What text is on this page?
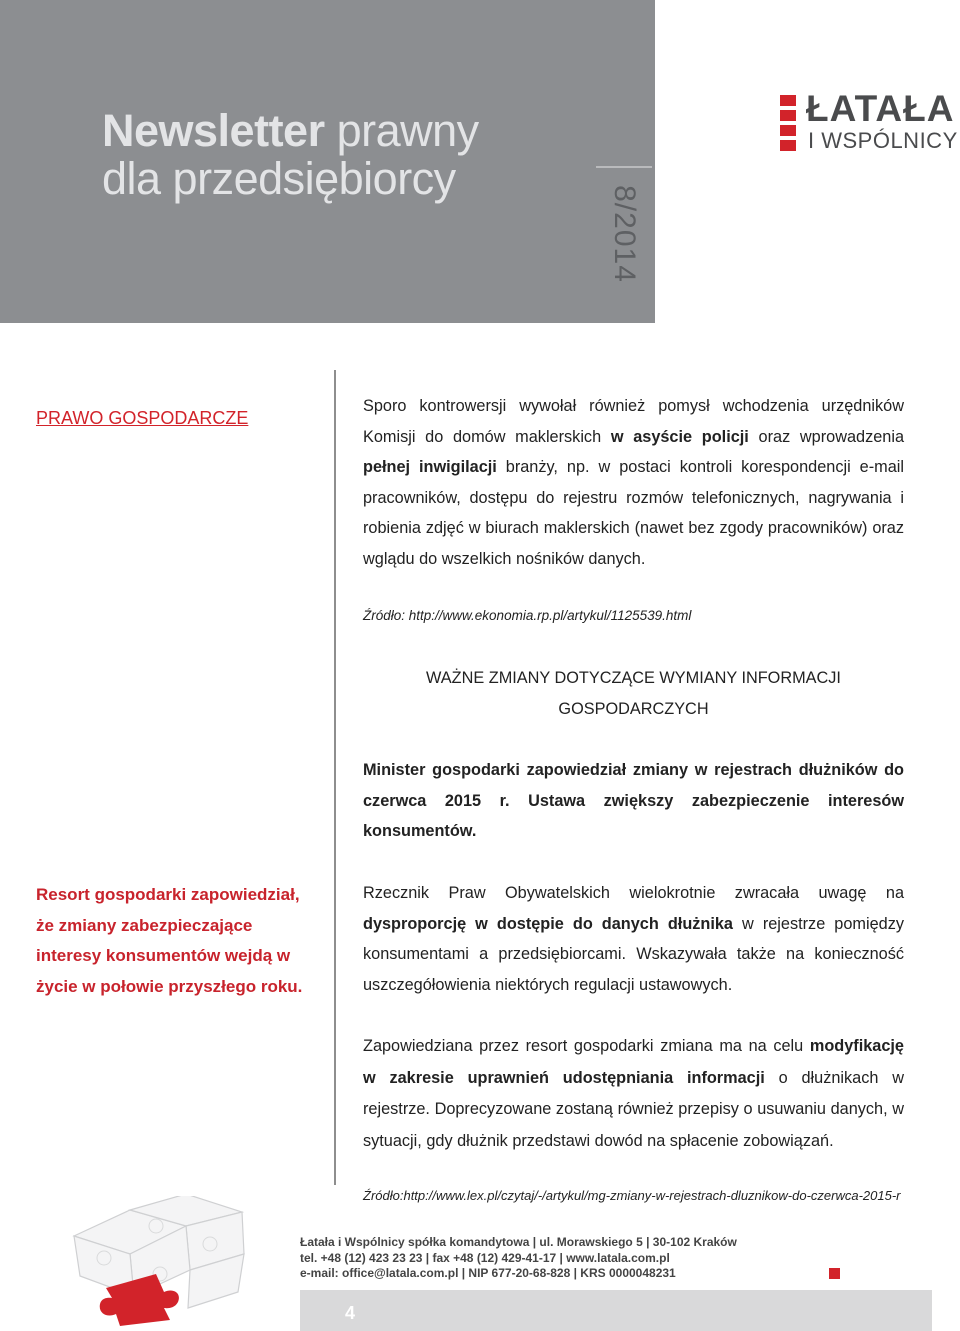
Newsletter prawny
dla przedsiębiorcy
8/2014
ŁATAŁA
I WSPÓLNICY
PRAWO GOSPODARCZE
Resort gospodarki zapowiedział, że zmiany zabezpieczające interesy konsumentów wejdą w życie w połowie przyszłego roku.
Sporo kontrowersji wywołał również pomysł wchodzenia urzędników Komisji do domów maklerskich w asyście policji oraz wprowadzenia pełnej inwigilacji branży, np. w postaci kontroli korespondencji e-mail pracowników, dostępu do rejestru rozmów telefonicznych, nagrywania i robienia zdjęć w biurach maklerskich (nawet bez zgody pracowników) oraz wglądu do wszelkich nośników danych.
Źródło: http://www.ekonomia.rp.pl/artykul/1125539.html
WAŻNE ZMIANY DOTYCZĄCE WYMIANY INFORMACJI GOSPODARCZYCH
Minister gospodarki zapowiedział zmiany w rejestrach dłużników do czerwca 2015 r. Ustawa zwiększy zabezpieczenie interesów konsumentów.
Rzecznik Praw Obywatelskich wielokrotnie zwracała uwagę na dysproporcję w dostępie do danych dłużnika w rejestrze pomiędzy konsumentami a przedsiębiorcami. Wskazywała także na konieczność uszczegółowienia niektórych regulacji ustawowych.
Zapowiedziana przez resort gospodarki zmiana ma na celu modyfikację w zakresie uprawnień udostępniania informacji o dłużnikach w rejestrze. Doprecyzowane zostaną również przepisy o usuwaniu danych, w sytuacji, gdy dłużnik przedstawi dowód na spłacenie zobowiązań.
Źródło:http://www.lex.pl/czytaj/-/artykul/mg-zmiany-w-rejestrach-dluznikow-do-czerwca-2015-r
Łatała i Wspólnicy spółka komandytowa | ul. Morawskiego 5 | 30-102 Kraków
tel. +48 (12) 423 23 23 | fax +48 (12) 429-41-17 | www.latala.com.pl
e-mail: office@latala.com.pl | NIP 677-20-68-828 | KRS 0000048231
4
